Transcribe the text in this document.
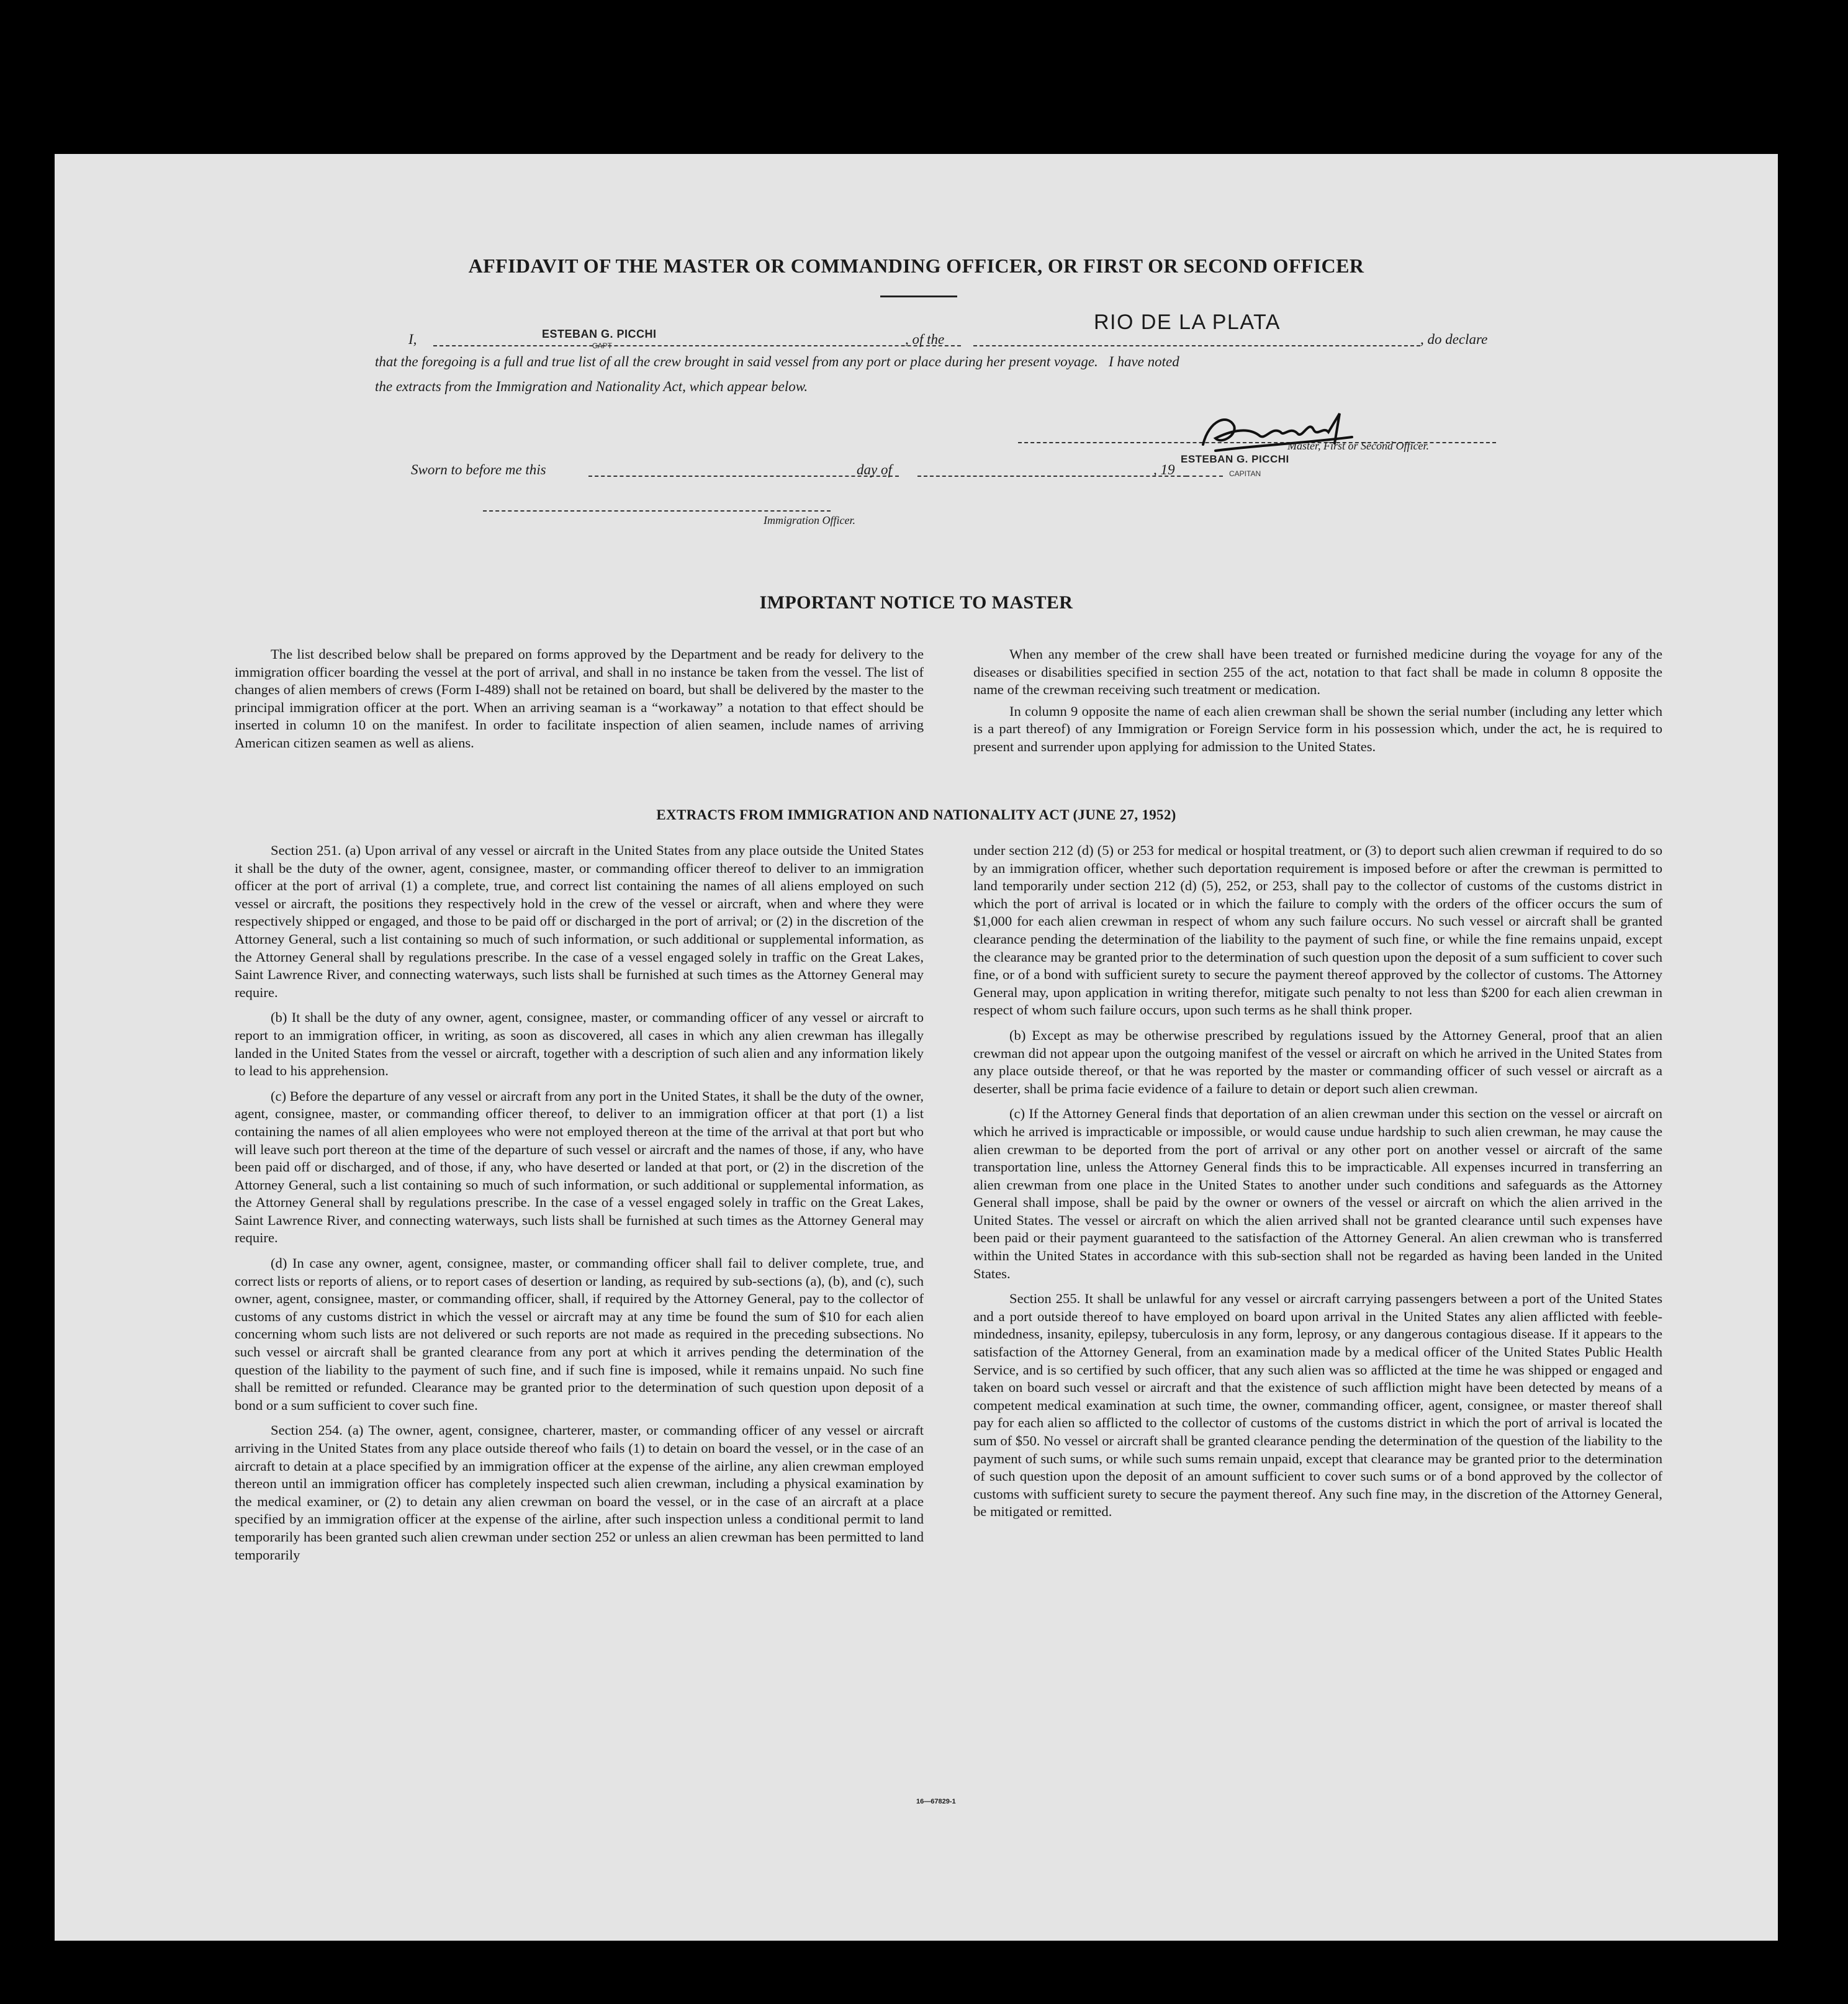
AFFIDAVIT OF THE MASTER OR COMMANDING OFFICER, OR FIRST OR SECOND OFFICER
I,	ESTEBAN G. PICCHI
CAPT	, of the
RIO DE LA PLATA
, do declare
that the foregoing is a full and true list of all the crew brought in said vessel from any port or place during her present voyage.   I have noted
the extracts from the Immigration and Nationality Act, which appear below.
Master, First or Second Officer.
ESTEBAN G. PICCHI
CAPITAN
Sworn to before me this	day of	, 19
Immigration Officer.
IMPORTANT NOTICE TO MASTER

The list described below shall be prepared on forms approved by the Department and be ready for delivery to the immigration officer boarding the vessel at the port of arrival, and shall in no instance be taken from the vessel. The list of changes of alien members of crews (Form I-489) shall not be retained on board, but shall be delivered by the master to the principal immigration officer at the port. When an arriving seaman is a “workaway” a notation to that effect should be inserted in column 10 on the manifest. In order to facilitate inspection of alien seamen, include names of arriving American citizen seamen as well as aliens.

When any member of the crew shall have been treated or furnished medicine during the voyage for any of the diseases or disabilities specified in section 255 of the act, notation to that fact shall be made in column 8 opposite the name of the crewman receiving such treatment or medication.

In column 9 opposite the name of each alien crewman shall be shown the serial number (including any letter which is a part thereof) of any Immigration or Foreign Service form in his possession which, under the act, he is required to present and surrender upon applying for admission to the United States.

EXTRACTS FROM IMMIGRATION AND NATIONALITY ACT (JUNE 27, 1952)

Section 251. (a) Upon arrival of any vessel or aircraft in the United States from any place outside the United States it shall be the duty of the owner, agent, consignee, master, or commanding officer thereof to deliver to an immigration officer at the port of arrival (1) a complete, true, and correct list containing the names of all aliens employed on such vessel or aircraft, the positions they respectively hold in the crew of the vessel or aircraft, when and where they were respectively shipped or engaged, and those to be paid off or discharged in the port of arrival; or (2) in the discretion of the Attorney General, such a list containing so much of such information, or such additional or supplemental information, as the Attorney General shall by regulations prescribe. In the case of a vessel engaged solely in traffic on the Great Lakes, Saint Lawrence River, and connecting waterways, such lists shall be furnished at such times as the Attorney General may require.

(b) It shall be the duty of any owner, agent, consignee, master, or commanding officer of any vessel or aircraft to report to an immigration officer, in writing, as soon as discovered, all cases in which any alien crewman has illegally landed in the United States from the vessel or aircraft, together with a description of such alien and any information likely to lead to his apprehension.

(c) Before the departure of any vessel or aircraft from any port in the United States, it shall be the duty of the owner, agent, consignee, master, or commanding officer thereof, to deliver to an immigration officer at that port (1) a list containing the names of all alien employees who were not employed thereon at the time of the arrival at that port but who will leave such port thereon at the time of the departure of such vessel or aircraft and the names of those, if any, who have been paid off or discharged, and of those, if any, who have deserted or landed at that port, or (2) in the discretion of the Attorney General, such a list containing so much of such information, or such additional or supplemental information, as the Attorney General shall by regulations prescribe. In the case of a vessel engaged solely in traffic on the Great Lakes, Saint Lawrence River, and connecting waterways, such lists shall be furnished at such times as the Attorney General may require.

(d) In case any owner, agent, consignee, master, or commanding officer shall fail to deliver complete, true, and correct lists or reports of aliens, or to report cases of desertion or landing, as required by sub-sections (a), (b), and (c), such owner, agent, consignee, master, or commanding officer, shall, if required by the Attorney General, pay to the collector of customs of any customs district in which the vessel or aircraft may at any time be found the sum of $10 for each alien concerning whom such lists are not delivered or such reports are not made as required in the preceding subsections. No such vessel or aircraft shall be granted clearance from any port at which it arrives pending the determination of the question of the liability to the payment of such fine, and if such fine is imposed, while it remains unpaid. No such fine shall be remitted or refunded. Clearance may be granted prior to the determination of such question upon deposit of a bond or a sum sufficient to cover such fine.

Section 254. (a) The owner, agent, consignee, charterer, master, or commanding officer of any vessel or aircraft arriving in the United States from any place outside thereof who fails (1) to detain on board the vessel, or in the case of an aircraft to detain at a place specified by an immigration officer at the expense of the airline, any alien crewman employed thereon until an immigration officer has completely inspected such alien crewman, including a physical examination by the medical examiner, or (2) to detain any alien crewman on board the vessel, or in the case of an aircraft at a place specified by an immigration officer at the expense of the airline, after such inspection unless a conditional permit to land temporarily has been granted such alien crewman under section 252 or unless an alien crewman has been permitted to land temporarily

under section 212 (d) (5) or 253 for medical or hospital treatment, or (3) to deport such alien crewman if required to do so by an immigration officer, whether such deportation requirement is imposed before or after the crewman is permitted to land temporarily under section 212 (d) (5), 252, or 253, shall pay to the collector of customs of the customs district in which the port of arrival is located or in which the failure to comply with the orders of the officer occurs the sum of $1,000 for each alien crewman in respect of whom any such failure occurs. No such vessel or aircraft shall be granted clearance pending the determination of the liability to the payment of such fine, or while the fine remains unpaid, except the clearance may be granted prior to the determination of such question upon the deposit of a sum sufficient to cover such fine, or of a bond with sufficient surety to secure the payment thereof approved by the collector of customs. The Attorney General may, upon application in writing therefor, mitigate such penalty to not less than $200 for each alien crewman in respect of whom such failure occurs, upon such terms as he shall think proper.

(b) Except as may be otherwise prescribed by regulations issued by the Attorney General, proof that an alien crewman did not appear upon the outgoing manifest of the vessel or aircraft on which he arrived in the United States from any place outside thereof, or that he was reported by the master or commanding officer of such vessel or aircraft as a deserter, shall be prima facie evidence of a failure to detain or deport such alien crewman.

(c) If the Attorney General finds that deportation of an alien crewman under this section on the vessel or aircraft on which he arrived is impracticable or impossible, or would cause undue hardship to such alien crewman, he may cause the alien crewman to be deported from the port of arrival or any other port on another vessel or aircraft of the same transportation line, unless the Attorney General finds this to be impracticable. All expenses incurred in transferring an alien crewman from one place in the United States to another under such conditions and safeguards as the Attorney General shall impose, shall be paid by the owner or owners of the vessel or aircraft on which the alien arrived in the United States. The vessel or aircraft on which the alien arrived shall not be granted clearance until such expenses have been paid or their payment guaranteed to the satisfaction of the Attorney General. An alien crewman who is transferred within the United States in accordance with this sub-section shall not be regarded as having been landed in the United States.

Section 255. It shall be unlawful for any vessel or aircraft carrying passengers between a port of the United States and a port outside thereof to have employed on board upon arrival in the United States any alien afflicted with feeble-mindedness, insanity, epilepsy, tuberculosis in any form, leprosy, or any dangerous contagious disease. If it appears to the satisfaction of the Attorney General, from an examination made by a medical officer of the United States Public Health Service, and is so certified by such officer, that any such alien was so afflicted at the time he was shipped or engaged and taken on board such vessel or aircraft and that the existence of such affliction might have been detected by means of a competent medical examination at such time, the owner, commanding officer, agent, consignee, or master thereof shall pay for each alien so afflicted to the collector of customs of the customs district in which the port of arrival is located the sum of $50. No vessel or aircraft shall be granted clearance pending the determination of the question of the liability to the payment of such sums, or while such sums remain unpaid, except that clearance may be granted prior to the determination of such question upon the deposit of an amount sufficient to cover such sums or of a bond approved by the collector of customs with sufficient surety to secure the payment thereof. Any such fine may, in the discretion of the Attorney General, be mitigated or remitted.

16—67829-1
